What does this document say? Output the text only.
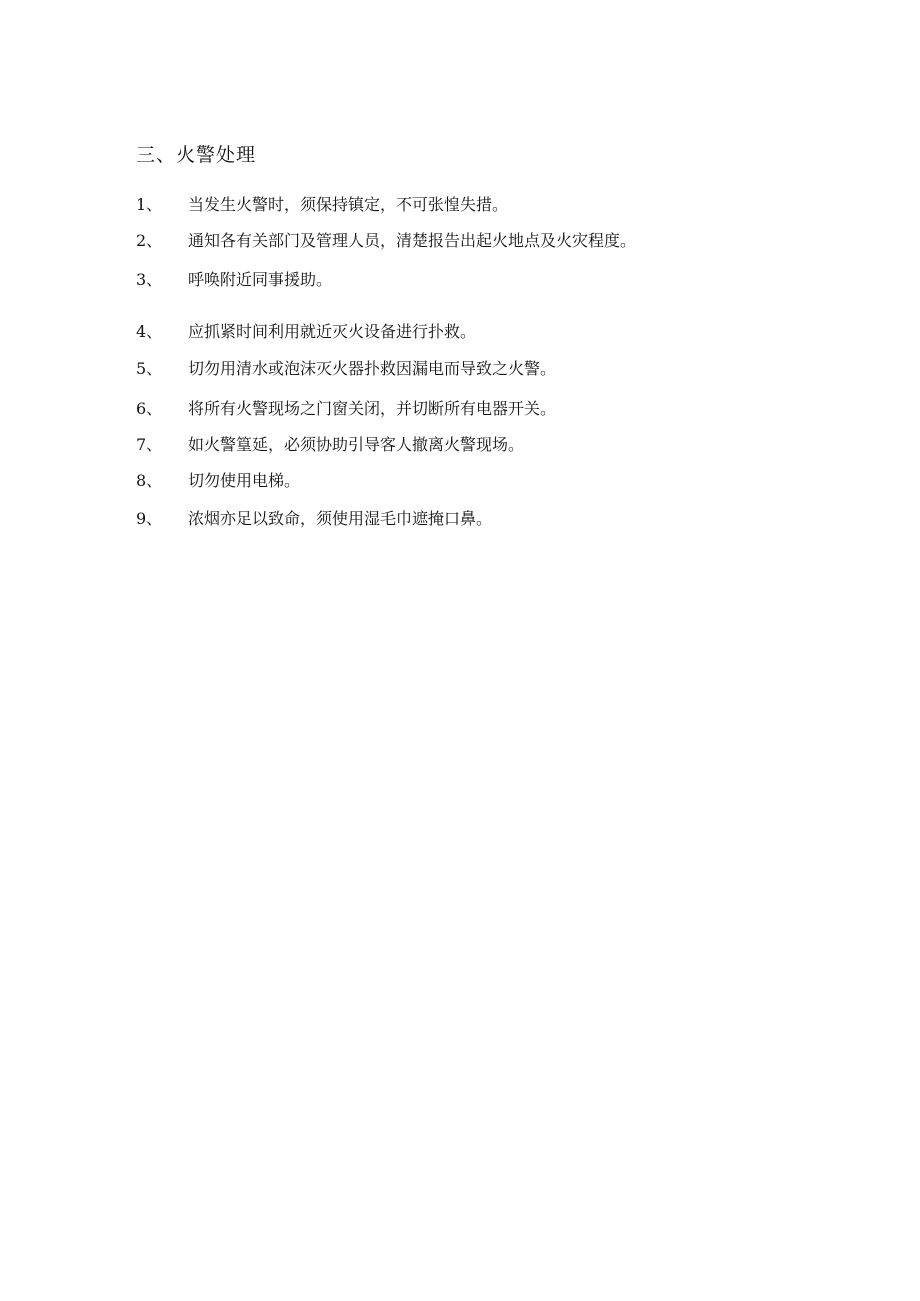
三、火警处理
1、	当发生火警时，须保持镇定，不可张惶失措。
2、	通知各有关部门及管理人员，清楚报告出起火地点及火灾程度。
3、	呼唤附近同事援助。
4、	应抓紧时间利用就近灭火设备进行扑救。
5、	切勿用清水或泡沫灭火器扑救因漏电而导致之火警。
6、	将所有火警现场之门窗关闭，并切断所有电器开关。
7、	如火警篁延，必须协助引导客人撤离火警现场。
8、	切勿使用电梯。
9、	浓烟亦足以致命，须使用湿毛巾遮掩口鼻。
